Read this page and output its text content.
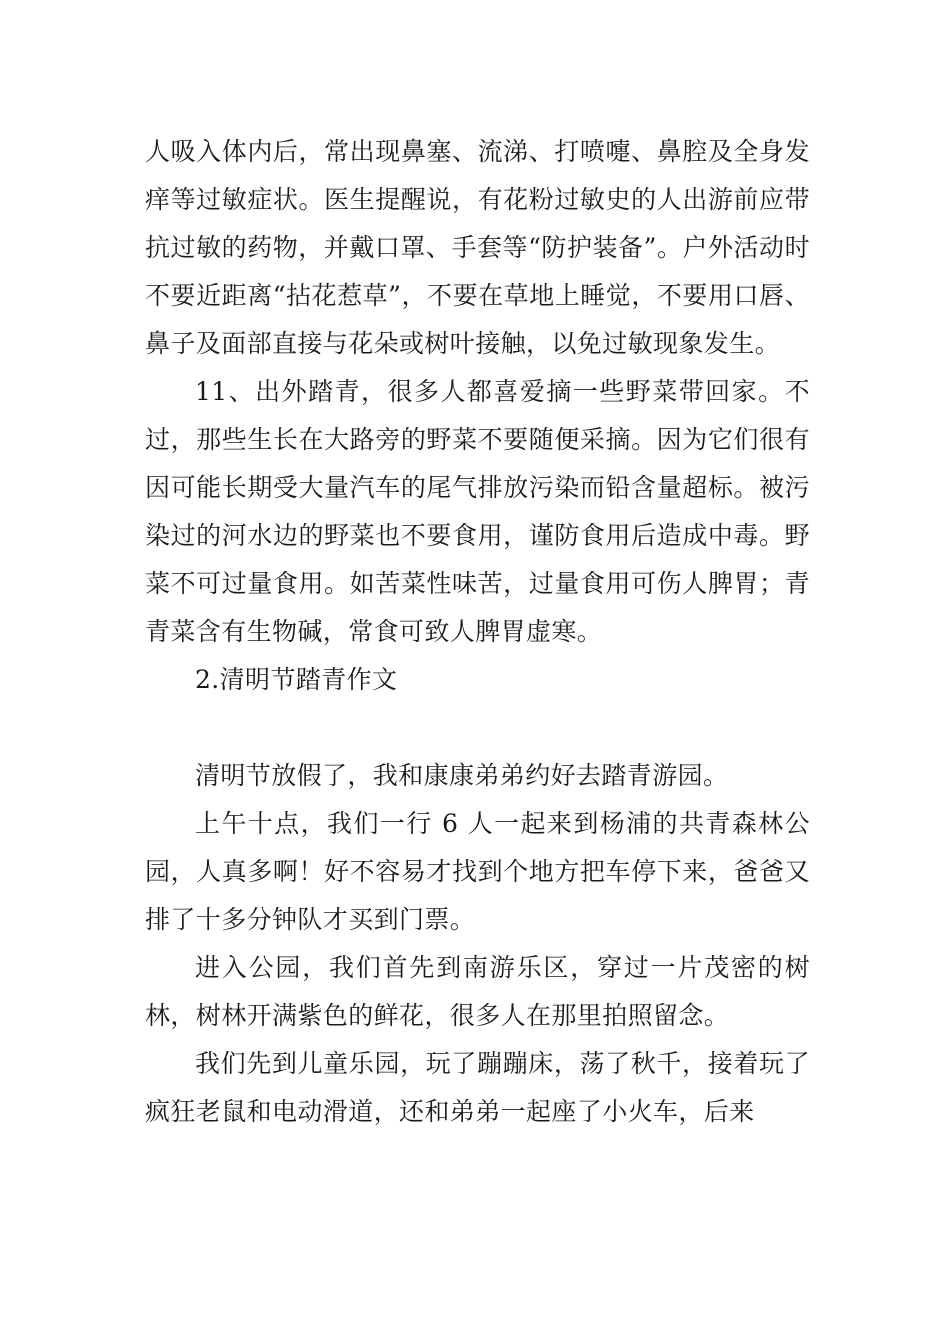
人吸入体内后，常出现鼻塞、流涕、打喷嚏、鼻腔及全身发痒等过敏症状。医生提醒说，有花粉过敏史的人出游前应带抗过敏的药物，并戴口罩、手套等“防护装备”。户外活动时不要近距离“拈花惹草”，不要在草地上睡觉，不要用口唇、鼻子及面部直接与花朵或树叶接触，以免过敏现象发生。

11、出外踏青，很多人都喜爱摘一些野菜带回家。不过，那些生长在大路旁的野菜不要随便采摘。因为它们很有因可能长期受大量汽车的尾气排放污染而铅含量超标。被污染过的河水边的野菜也不要食用，谨防食用后造成中毒。野菜不可过量食用。如苦菜性味苦，过量食用可伤人脾胃；青青菜含有生物碱，常食可致人脾胃虚寒。

2.清明节踏青作文

清明节放假了，我和康康弟弟约好去踏青游园。

上午十点，我们一行 6 人一起来到杨浦的共青森林公园，人真多啊！好不容易才找到个地方把车停下来，爸爸又排了十多分钟队才买到门票。

进入公园，我们首先到南游乐区，穿过一片茂密的树林，树林开满紫色的鲜花，很多人在那里拍照留念。

我们先到儿童乐园，玩了蹦蹦床，荡了秋千，接着玩了疯狂老鼠和电动滑道，还和弟弟一起座了小火车，后来
